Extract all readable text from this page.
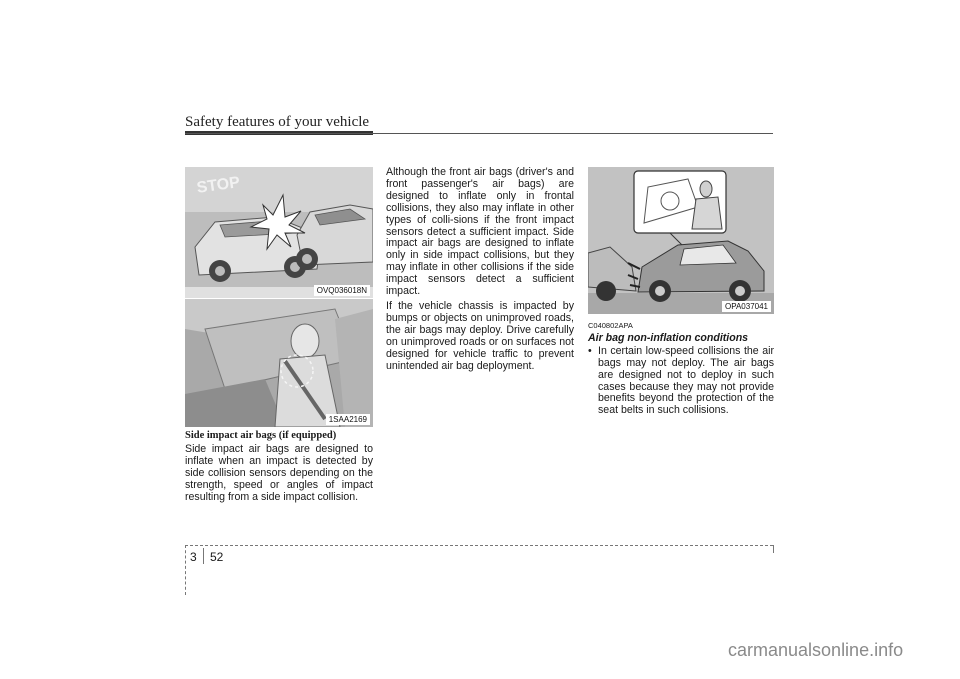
Safety features of your vehicle
STOP
OVQ036018N
1SAA2169
OPA037041
Side impact air bags (if equipped)
Side impact air bags are designed to inflate when an impact is detected by side collision sensors depending on the strength, speed or angles of impact resulting from a side impact collision.
Although the front air bags (driver's and front passenger's air bags) are designed to inflate only in frontal collisions, they also may inflate in other types of colli-sions if the front impact sensors detect a sufficient impact. Side impact air bags are designed to inflate only in side impact collisions, but they may inflate in other collisions if the side impact sensors detect a sufficient impact.
If the vehicle chassis is impacted by bumps or objects on unimproved roads, the air bags may deploy. Drive carefully on unimproved roads or on surfaces not designed for vehicle traffic to prevent unintended air bag deployment.
C040802APA
Air bag non-inflation conditions
• In certain low-speed collisions the air bags may not deploy. The air bags are designed not to deploy in such cases because they may not provide benefits beyond the protection of the seat belts in such collisions.
3 52
carmanualsonline.info
